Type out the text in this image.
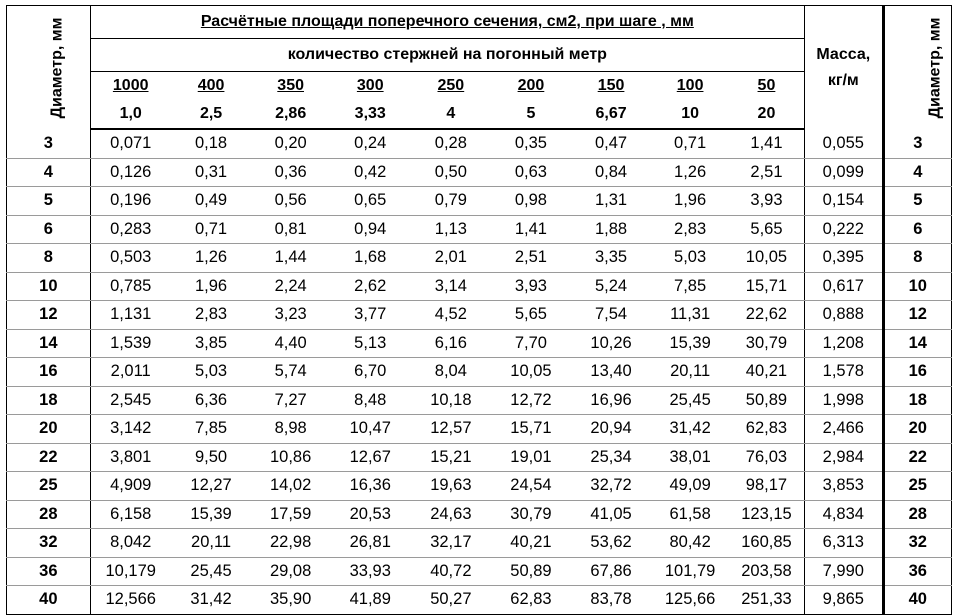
Диаметр, мм	Расчётные площади поперечного сечения, см2, при шаге , мм									Масса, кг/м	Диаметр, мм
	количество стержней на погонный метр										
	1000	400	350	300	250	200	150	100	50		
	1,0	2,5	2,86	3,33	4	5	6,67	10	20		
3	0,071	0,18	0,20	0,24	0,28	0,35	0,47	0,71	1,41	0,055	3
4	0,126	0,31	0,36	0,42	0,50	0,63	0,84	1,26	2,51	0,099	4
5	0,196	0,49	0,56	0,65	0,79	0,98	1,31	1,96	3,93	0,154	5
6	0,283	0,71	0,81	0,94	1,13	1,41	1,88	2,83	5,65	0,222	6
8	0,503	1,26	1,44	1,68	2,01	2,51	3,35	5,03	10,05	0,395	8
10	0,785	1,96	2,24	2,62	3,14	3,93	5,24	7,85	15,71	0,617	10
12	1,131	2,83	3,23	3,77	4,52	5,65	7,54	11,31	22,62	0,888	12
14	1,539	3,85	4,40	5,13	6,16	7,70	10,26	15,39	30,79	1,208	14
16	2,011	5,03	5,74	6,70	8,04	10,05	13,40	20,11	40,21	1,578	16
18	2,545	6,36	7,27	8,48	10,18	12,72	16,96	25,45	50,89	1,998	18
20	3,142	7,85	8,98	10,47	12,57	15,71	20,94	31,42	62,83	2,466	20
22	3,801	9,50	10,86	12,67	15,21	19,01	25,34	38,01	76,03	2,984	22
25	4,909	12,27	14,02	16,36	19,63	24,54	32,72	49,09	98,17	3,853	25
28	6,158	15,39	17,59	20,53	24,63	30,79	41,05	61,58	123,15	4,834	28
32	8,042	20,11	22,98	26,81	32,17	40,21	53,62	80,42	160,85	6,313	32
36	10,179	25,45	29,08	33,93	40,72	50,89	67,86	101,79	203,58	7,990	36
40	12,566	31,42	35,90	41,89	50,27	62,83	83,78	125,66	251,33	9,865	40
